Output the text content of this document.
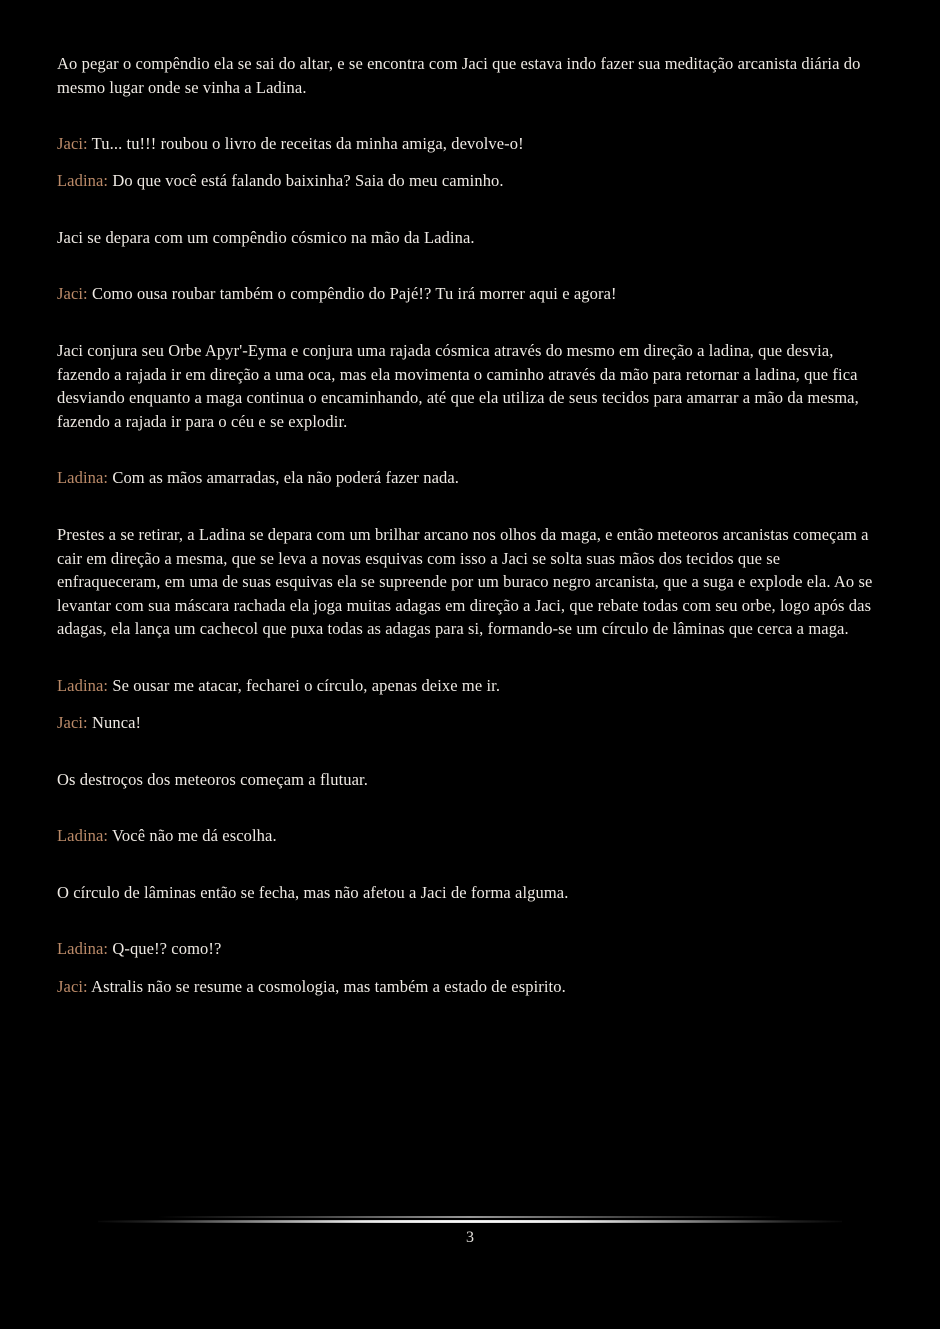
Ao pegar o compêndio ela se sai do altar, e se encontra com Jaci que estava indo fazer sua meditação arcanista diária do mesmo lugar onde se vinha a Ladina.

Jaci: Tu... tu!!! roubou o livro de receitas da minha amiga, devolve-o!

Ladina: Do que você está falando baixinha? Saia do meu caminho.

Jaci se depara com um compêndio cósmico na mão da Ladina.

Jaci: Como ousa roubar também o compêndio do Pajé!? Tu irá morrer aqui e agora!

Jaci conjura seu Orbe Apyr'-Eyma e conjura uma rajada cósmica através do mesmo em direção a ladina, que desvia, fazendo a rajada ir em direção a uma oca, mas ela movimenta o caminho através da mão para retornar a ladina, que fica desviando enquanto a maga continua o encaminhando, até que ela utiliza de seus tecidos para amarrar a mão da mesma, fazendo a rajada ir para o céu e se explodir.

Ladina: Com as mãos amarradas, ela não poderá fazer nada.

Prestes a se retirar, a Ladina se depara com um brilhar arcano nos olhos da maga, e então meteoros arcanistas começam a cair em direção a mesma, que se leva a novas esquivas com isso a Jaci se solta suas mãos dos tecidos que se enfraqueceram, em uma de suas esquivas ela se supreende por um buraco negro arcanista, que a suga e explode ela. Ao se levantar com sua máscara rachada ela joga muitas adagas em direção a Jaci, que rebate todas com seu orbe, logo após das adagas, ela lança um cachecol que puxa todas as adagas para si, formando-se um círculo de lâminas que cerca a maga.

Ladina: Se ousar me atacar, fecharei o círculo, apenas deixe me ir.

Jaci: Nunca!

Os destroços dos meteoros começam a flutuar.

Ladina: Você não me dá escolha.

O círculo de lâminas então se fecha, mas não afetou a Jaci de forma alguma.

Ladina: Q-que!? como!?

Jaci: Astralis não se resume a cosmologia, mas também a estado de espirito.

3
